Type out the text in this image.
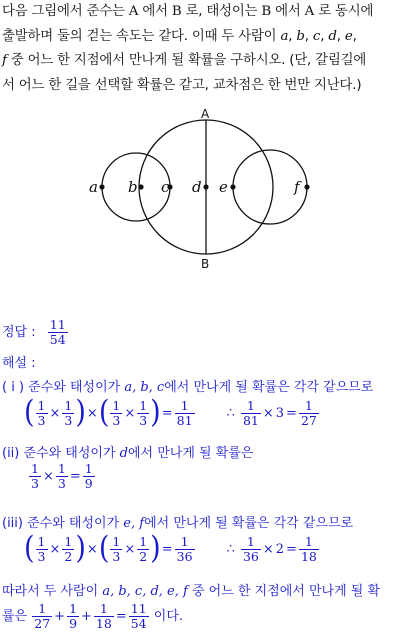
다음 그림에서 준수는 A 에서 B 로, 태성이는 B 에서 A 로 동시에
출발하며 둘의 걷는 속도는 같다. 이때 두 사람이 a, b, c, d, e,
f 중 어느 한 지점에서 만나게 될 확률을 구하시오. (단, 갈림길에
서 어느 한 길을 선택할 확률은 같고, 교차점은 한 번만 지난다.)
a b c d e	f
A
B
정답 : $\frac{11}{54}$
해설 :
( i ) 준수와 태성이가 a, b, c에서 만나게 될 확률은 각각 같으므로
( $\frac{1}{3} \times \frac{1}{3}$ )×( $\frac{1}{3} \times \frac{1}{3}$ )= $\frac{1}{81}$ ∴ $\frac{1}{81} \times 3 = \frac{1}{27}$
(ii) 준수와 태성이가 d에서 만나게 될 확률은
$\frac{1}{3} \times \frac{1}{3} = \frac{1}{9}$
(iii) 준수와 태성이가 e, f에서 만나게 될 확률은 각각 같으므로
( $\frac{1}{3} \times \frac{1}{2}$ )×( $\frac{1}{3} \times \frac{1}{2}$ )= $\frac{1}{36}$ ∴ $\frac{1}{36} \times 2 = \frac{1}{18}$
따라서 두 사람이 a, b, c, d, e, f 중 어느 한 지점에서 만나게 될 확
률은 $\frac{1}{27} + \frac{1}{9} + \frac{1}{18} = \frac{11}{54}$ 이다.
